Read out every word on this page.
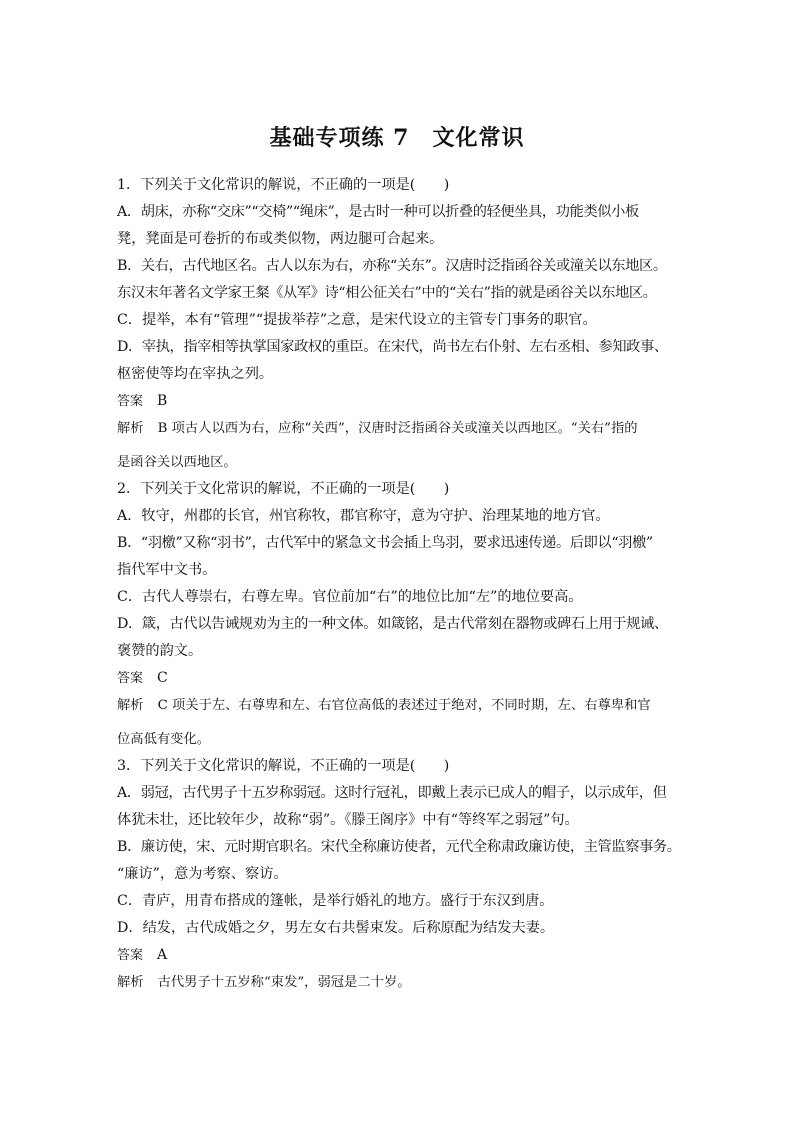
基础专项练 7　文化常识
1．下列关于文化常识的解说，不正确的一项是(　　)
A．胡床，亦称“交床”“交椅”“绳床”，是古时一种可以折叠的轻便坐具，功能类似小板
凳，凳面是可卷折的布或类似物，两边腿可合起来。
B．关右，古代地区名。古人以东为右，亦称“关东”。汉唐时泛指函谷关或潼关以东地区。
东汉末年著名文学家王粲《从军》诗“相公征关右”中的“关右”指的就是函谷关以东地区。
C．提举，本有“管理”“提拔举荐”之意，是宋代设立的主管专门事务的职官。
D．宰执，指宰相等执掌国家政权的重臣。在宋代，尚书左右仆射、左右丞相、参知政事、
枢密使等均在宰执之列。
答案 B
解析 B 项古人以西为右，应称“关西”，汉唐时泛指函谷关或潼关以西地区。“关右”指的
是函谷关以西地区。
2．下列关于文化常识的解说，不正确的一项是(　　)
A．牧守，州郡的长官，州官称牧，郡官称守，意为守护、治理某地的地方官。
B．“羽檄”又称“羽书”，古代军中的紧急文书会插上鸟羽，要求迅速传递。后即以“羽檄”
指代军中文书。
C．古代人尊崇右，右尊左卑。官位前加“右”的地位比加“左”的地位要高。
D．箴，古代以告诫规劝为主的一种文体。如箴铭，是古代常刻在器物或碑石上用于规诫、
褒赞的韵文。
答案 C
解析 C 项关于左、右尊卑和左、右官位高低的表述过于绝对，不同时期，左、右尊卑和官
位高低有变化。
3．下列关于文化常识的解说，不正确的一项是(　　)
A．弱冠，古代男子十五岁称弱冠。这时行冠礼，即戴上表示已成人的帽子，以示成年，但
体犹未壮，还比较年少，故称“弱”。《滕王阁序》中有“等终军之弱冠”句。
B．廉访使，宋、元时期官职名。宋代全称廉访使者，元代全称肃政廉访使，主管监察事务。
“廉访”，意为考察、察访。
C．青庐，用青布搭成的篷帐，是举行婚礼的地方。盛行于东汉到唐。
D．结发，古代成婚之夕，男左女右共髻束发。后称原配为结发夫妻。
答案 A
解析 古代男子十五岁称“束发”，弱冠是二十岁。
